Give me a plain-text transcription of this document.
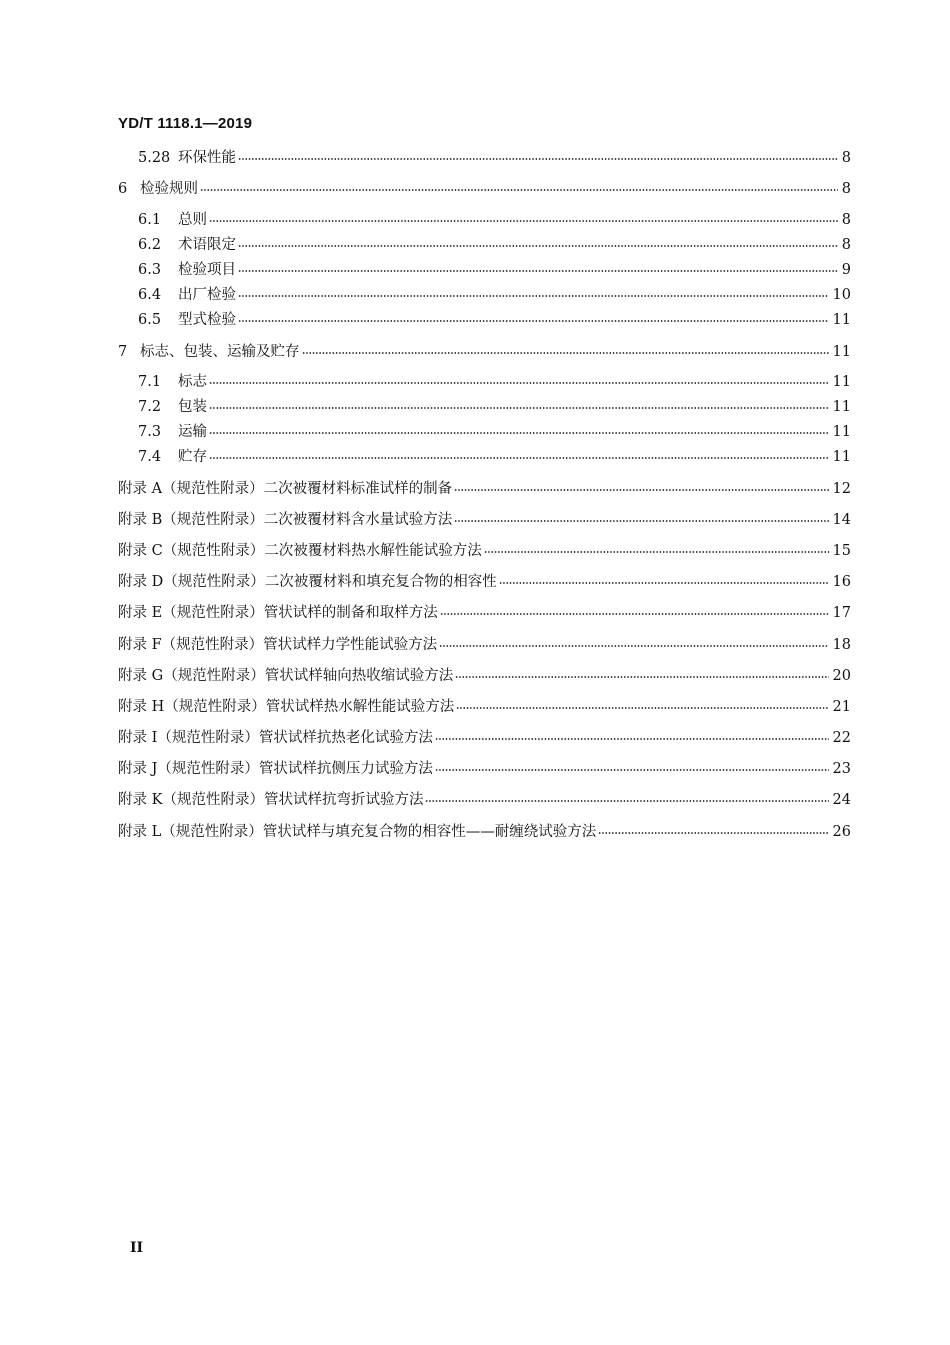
YD/T 1118.1—2019
5.28 环保性能	8
6 检验规则	8
6.1	总则	8
6.2	术语限定	8
6.3	检验项目	9
6.4	出厂检验	10
6.5	型式检验	11
7 标志、包装、运输及贮存	11
7.1	标志	11
7.2	包装	11
7.3	运输	11
7.4	贮存	11
附录 A（规范性附录）二次被覆材料标准试样的制备	12
附录 B（规范性附录）二次被覆材料含水量试验方法	14
附录 C（规范性附录）二次被覆材料热水解性能试验方法	15
附录 D（规范性附录）二次被覆材料和填充复合物的相容性	16
附录 E（规范性附录）管状试样的制备和取样方法	17
附录 F（规范性附录）管状试样力学性能试验方法	18
附录 G（规范性附录）管状试样轴向热收缩试验方法	20
附录 H（规范性附录）管状试样热水解性能试验方法	21
附录 I（规范性附录）管状试样抗热老化试验方法	22
附录 J（规范性附录）管状试样抗侧压力试验方法	23
附录 K（规范性附录）管状试样抗弯折试验方法	24
附录 L（规范性附录）管状试样与填充复合物的相容性——耐缠绕试验方法	26
II
